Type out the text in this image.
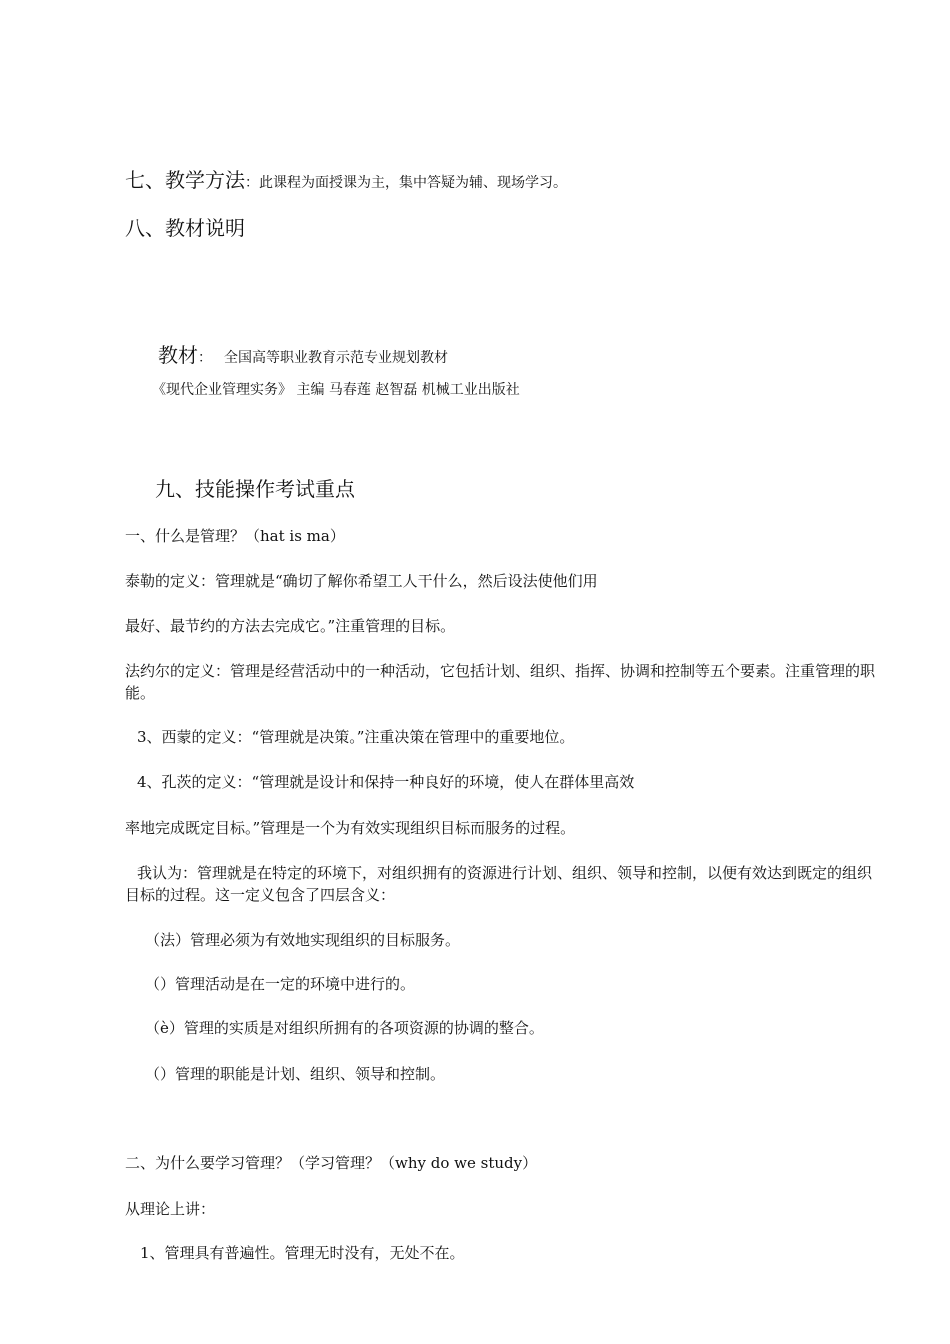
七、教学方法：此课程为面授课为主，集中答疑为辅、现场学习。
八、教材说明
教材： 全国高等职业教育示范专业规划教材
《现代企业管理实务》 主编 马春莲 赵智磊 机械工业出版社
九、技能操作考试重点
一、什么是管理？（hat is ma）
泰勒的定义：管理就是“确切了解你希望工人干什么，然后设法使他们用
最好、最节约的方法去完成它。”注重管理的目标。
法约尔的定义：管理是经营活动中的一种活动，它包括计划、组织、指挥、协调和控制等五个要素。注重管理的职能。
3、西蒙的定义：“管理就是决策。”注重决策在管理中的重要地位。
4、孔茨的定义：“管理就是设计和保持一种良好的环境，使人在群体里高效
率地完成既定目标。”管理是一个为有效实现组织目标而服务的过程。
我认为：管理就是在特定的环境下，对组织拥有的资源进行计划、组织、领导和控制，以便有效达到既定的组织目标的过程。这一定义包含了四层含义：
（法）管理必须为有效地实现组织的目标服务。
（）管理活动是在一定的环境中进行的。
（è）管理的实质是对组织所拥有的各项资源的协调的整合。
（）管理的职能是计划、组织、领导和控制。
二、为什么要学习管理？（学习管理？（why do we study）
从理论上讲：
1、管理具有普遍性。管理无时没有，无处不在。
